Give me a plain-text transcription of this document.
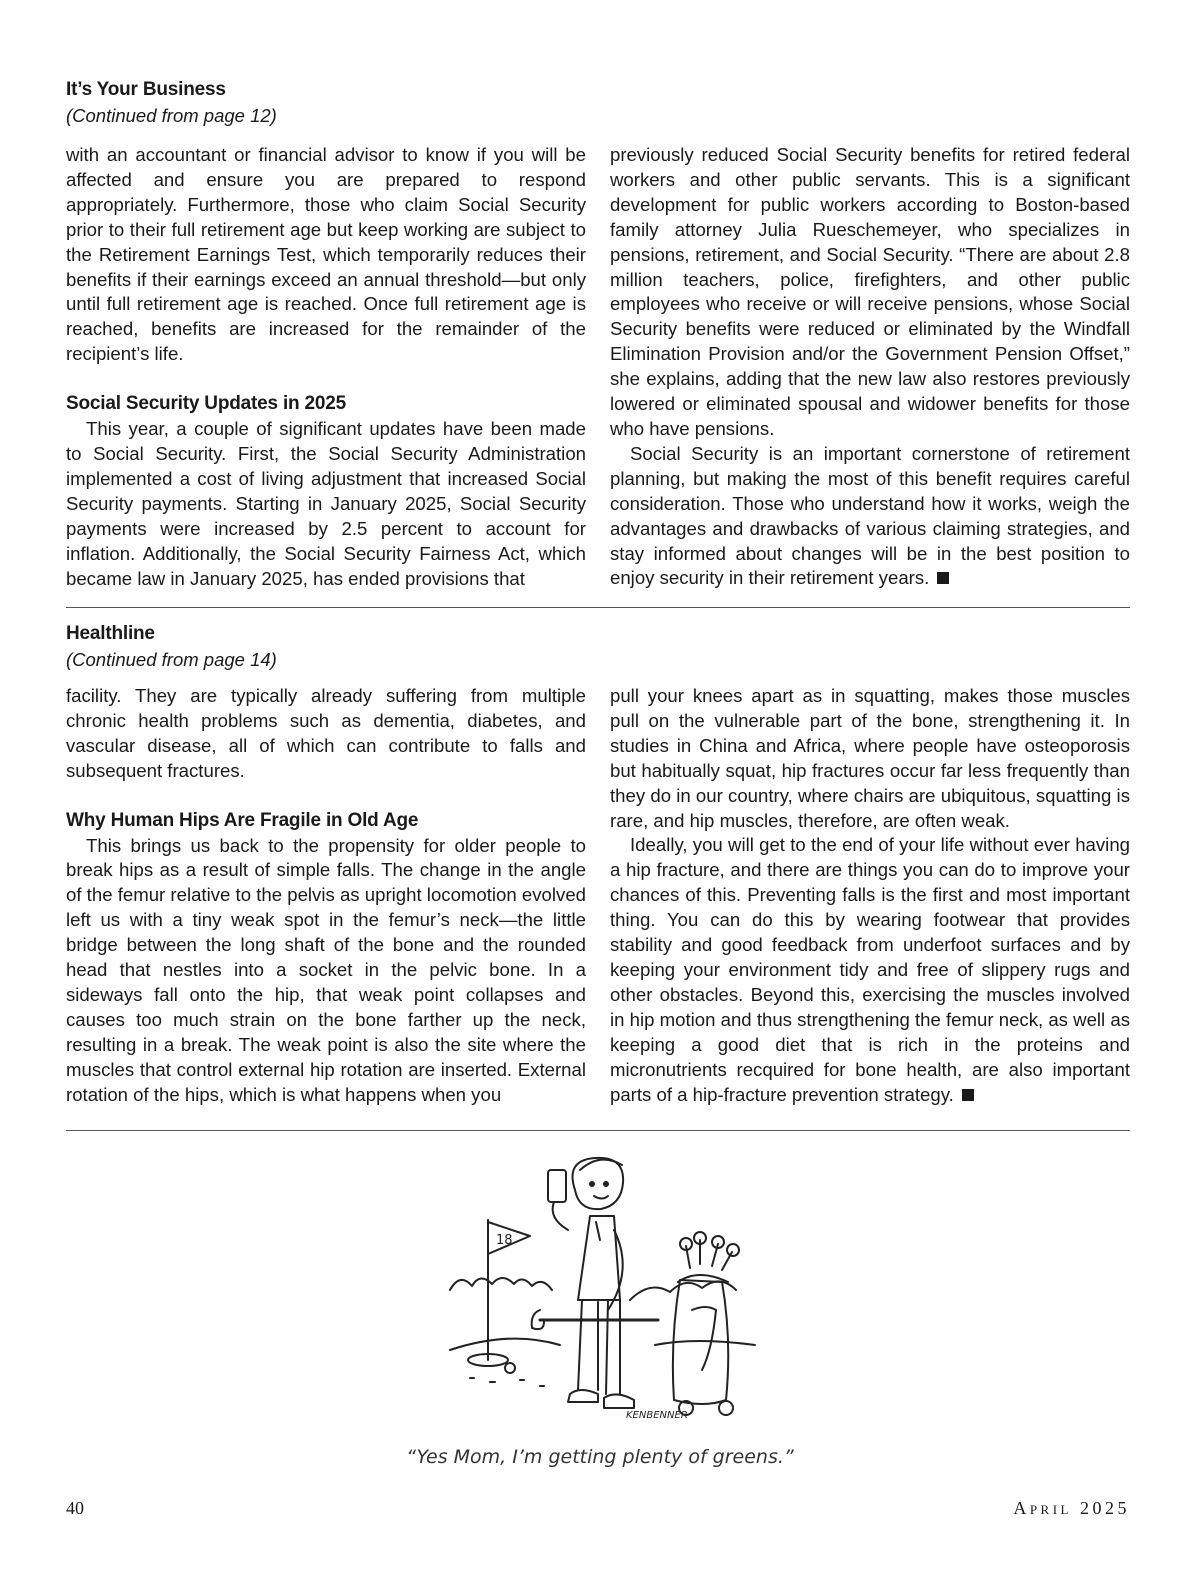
It’s Your Business
(Continued from page 12)

with an accountant or financial advisor to know if you will be affected and ensure you are prepared to respond appropriately. Furthermore, those who claim Social Security prior to their full retirement age but keep working are subject to the Retirement Earnings Test, which temporarily reduces their benefits if their earnings exceed an annual threshold—but only until full retirement age is reached. Once full retirement age is reached, benefits are increased for the remainder of the recipient’s life.

Social Security Updates in 2025

This year, a couple of significant updates have been made to Social Security. First, the Social Security Administration implemented a cost of living adjustment that increased Social Security payments. Starting in January 2025, Social Security payments were increased by 2.5 percent to account for inflation. Additionally, the Social Security Fairness Act, which became law in January 2025, has ended provisions that

previously reduced Social Security benefits for retired federal workers and other public servants. This is a significant development for public workers according to Boston-based family attorney Julia Rueschemeyer, who specializes in pensions, retirement, and Social Security. “There are about 2.8 million teachers, police, firefighters, and other public employees who receive or will receive pensions, whose Social Security benefits were reduced or eliminated by the Windfall Elimination Provision and/or the Government Pension Offset,” she explains, adding that the new law also restores previously lowered or eliminated spousal and widower benefits for those who have pensions.

Social Security is an important cornerstone of retirement planning, but making the most of this benefit requires careful consideration. Those who understand how it works, weigh the advantages and drawbacks of various claiming strategies, and stay informed about changes will be in the best position to enjoy security in their retirement years.

Healthline
(Continued from page 14)

facility. They are typically already suffering from multiple chronic health problems such as dementia, diabetes, and vascular disease, all of which can contribute to falls and subsequent fractures.

Why Human Hips Are Fragile in Old Age

This brings us back to the propensity for older people to break hips as a result of simple falls. The change in the angle of the femur relative to the pelvis as upright locomotion evolved left us with a tiny weak spot in the femur’s neck—the little bridge between the long shaft of the bone and the rounded head that nestles into a socket in the pelvic bone. In a sideways fall onto the hip, that weak point collapses and causes too much strain on the bone farther up the neck, resulting in a break. The weak point is also the site where the muscles that control external hip rotation are inserted. External rotation of the hips, which is what happens when you

pull your knees apart as in squatting, makes those muscles pull on the vulnerable part of the bone, strengthening it. In studies in China and Africa, where people have osteoporosis but habitually squat, hip fractures occur far less frequently than they do in our country, where chairs are ubiquitous, squatting is rare, and hip muscles, therefore, are often weak.

Ideally, you will get to the end of your life without ever having a hip fracture, and there are things you can do to improve your chances of this. Preventing falls is the first and most important thing. You can do this by wearing footwear that provides stability and good feedback from underfoot surfaces and by keeping your environment tidy and free of slippery rugs and other obstacles. Beyond this, exercising the muscles involved in hip motion and thus strengthening the femur neck, as well as keeping a good diet that is rich in the proteins and micronutrients recquired for bone health, are also important parts of a hip-fracture prevention strategy.

18
KENBENNER
“Yes Mom, I’m getting plenty of greens.”
40	April 2025
